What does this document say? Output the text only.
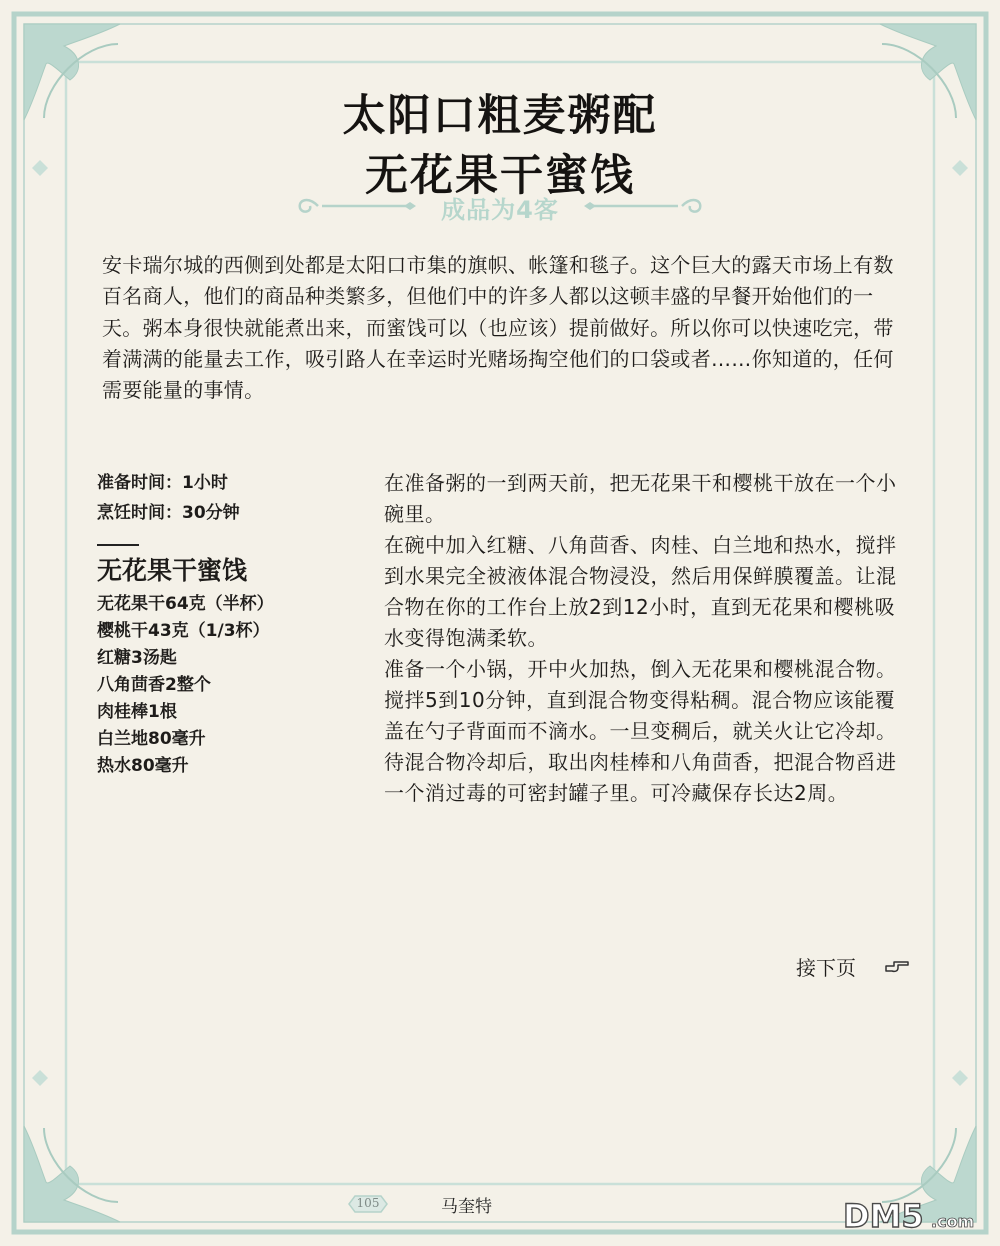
太阳口粗麦粥配
无花果干蜜饯
成品为4客

安卡瑞尔城的西侧到处都是太阳口市集的旗帜、帐篷和毯子。这个巨大的露天市场上有数百名商人，他们的商品种类繁多，但他们中的许多人都以这顿丰盛的早餐开始他们的一天。粥本身很快就能煮出来，而蜜饯可以（也应该）提前做好。所以你可以快速吃完，带着满满的能量去工作，吸引路人在幸运时光赌场掏空他们的口袋或者……你知道的，任何需要能量的事情。

准备时间：1小时

烹饪时间：30分钟

无花果干蜜饯
无花果干64克（半杯）
樱桃干43克（1/3杯）
红糖3汤匙
八角茴香2整个
肉桂棒1根
白兰地80毫升
热水80毫升

在准备粥的一到两天前，把无花果干和樱桃干放在一个小碗里。

在碗中加入红糖、八角茴香、肉桂、白兰地和热水，搅拌到水果完全被液体混合物浸没，然后用保鲜膜覆盖。让混合物在你的工作台上放2到12小时，直到无花果和樱桃吸水变得饱满柔软。

准备一个小锅，开中火加热，倒入无花果和樱桃混合物。搅拌5到10分钟，直到混合物变得粘稠。混合物应该能覆盖在勺子背面而不滴水。一旦变稠后，就关火让它冷却。

待混合物冷却后，取出肉桂棒和八角茴香，把混合物舀进一个消过毒的可密封罐子里。可冷藏保存长达2周。

接下页
105	马奎特	DM5 .com
